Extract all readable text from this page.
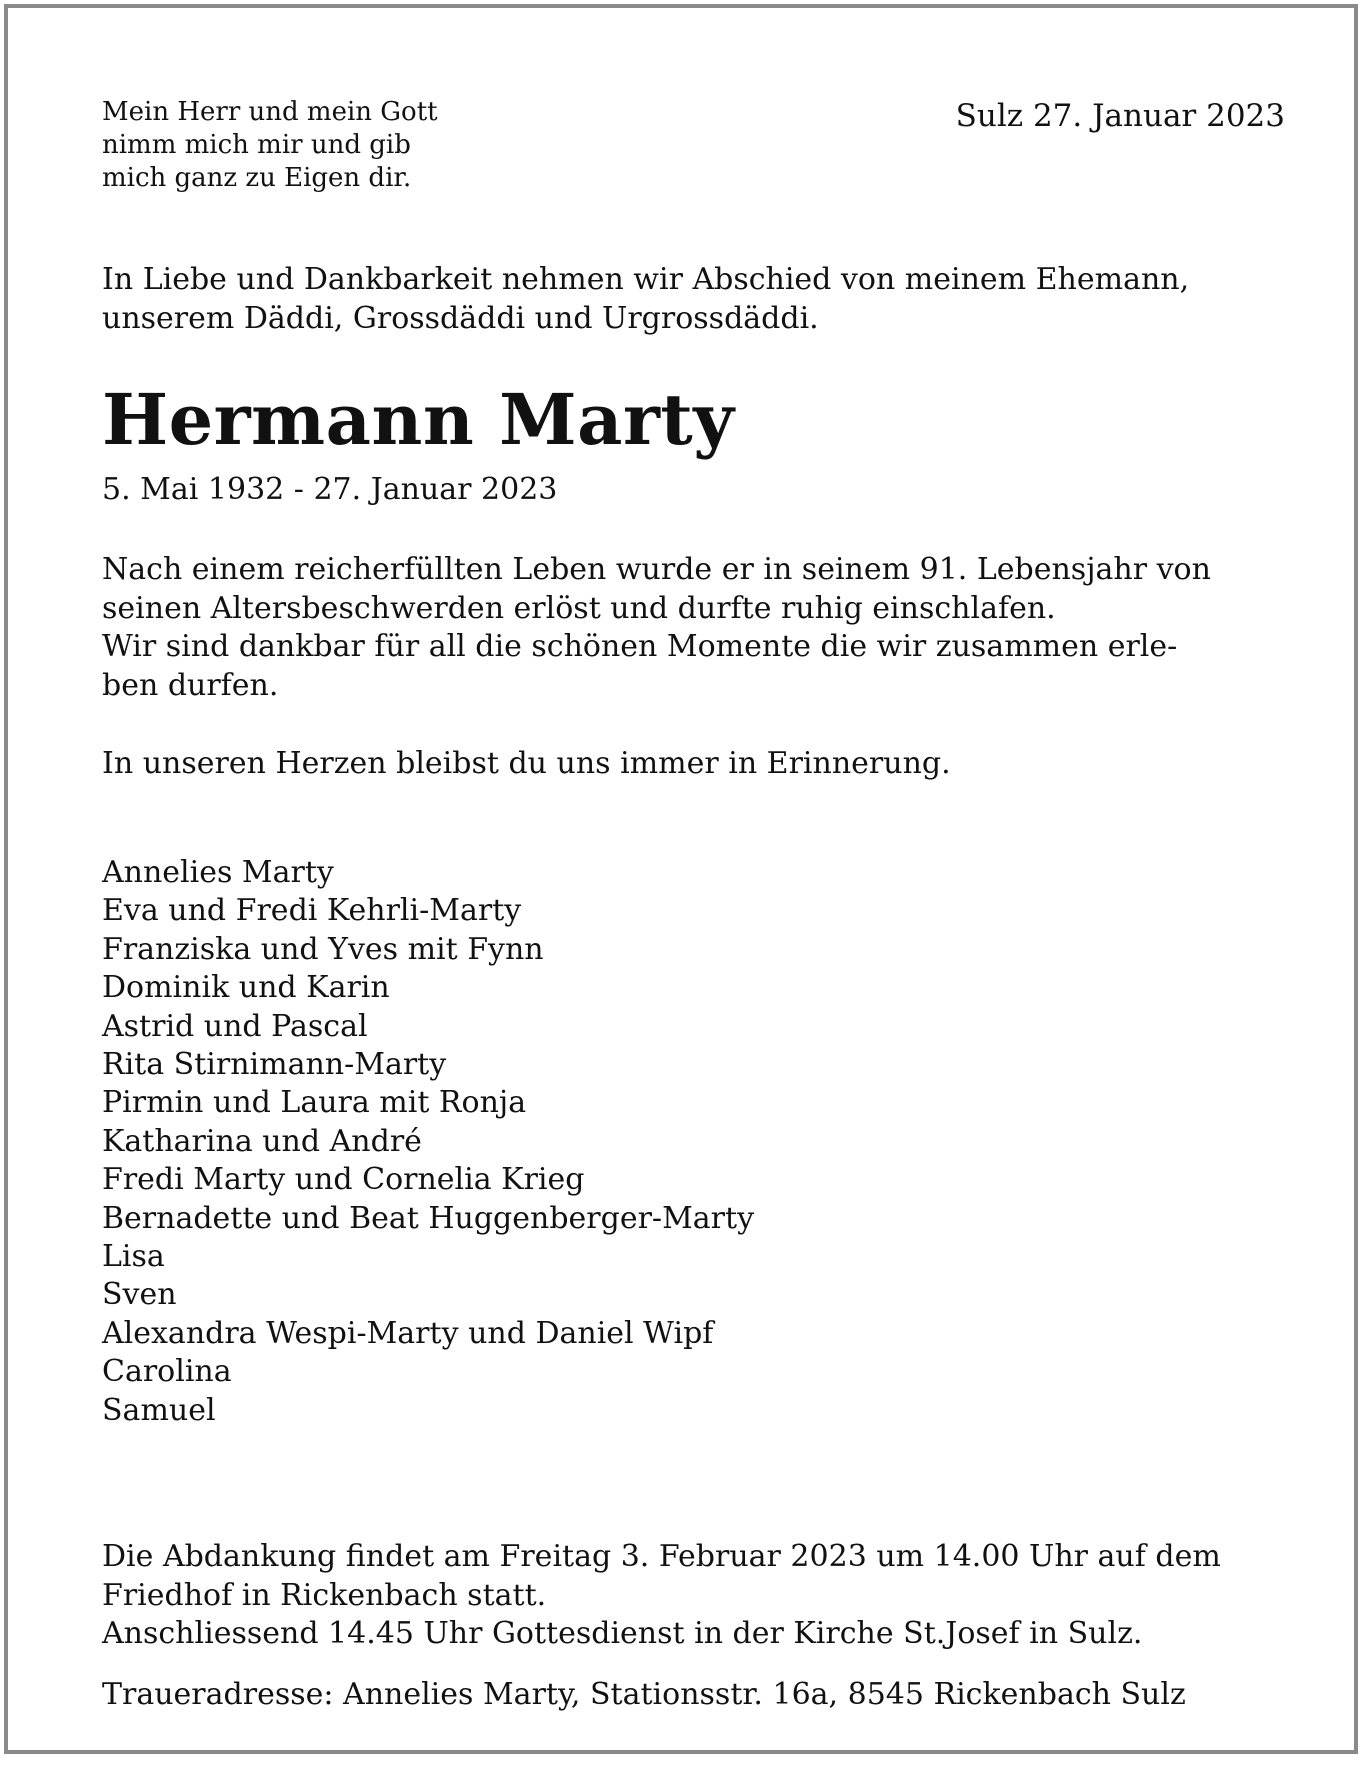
Mein Herr und mein Gott
nimm mich mir und gib
mich ganz zu Eigen dir.
Sulz 27. Januar 2023
In Liebe und Dankbarkeit nehmen wir Abschied von meinem Ehemann,
unserem Däddi, Grossdäddi und Urgrossdäddi.
Hermann Marty
5. Mai 1932 - 27. Januar 2023
Nach einem reicherfüllten Leben wurde er in seinem 91. Lebensjahr von
seinen Altersbeschwerden erlöst und durfte ruhig einschlafen.
Wir sind dankbar für all die schönen Momente die wir zusammen erle-
ben durfen.
In unseren Herzen bleibst du uns immer in Erinnerung.
Annelies Marty
Eva und Fredi Kehrli-Marty
Franziska und Yves mit Fynn
Dominik und Karin
Astrid und Pascal
Rita Stirnimann-Marty
Pirmin und Laura mit Ronja
Katharina und André
Fredi Marty und Cornelia Krieg
Bernadette und Beat Huggenberger-Marty
Lisa
Sven
Alexandra Wespi-Marty und Daniel Wipf
Carolina
Samuel
Die Abdankung findet am Freitag 3. Februar 2023 um 14.00 Uhr auf dem
Friedhof in Rickenbach statt.
Anschliessend 14.45 Uhr Gottesdienst in der Kirche St.Josef in Sulz.
Traueradresse: Annelies Marty, Stationsstr. 16a, 8545 Rickenbach Sulz
